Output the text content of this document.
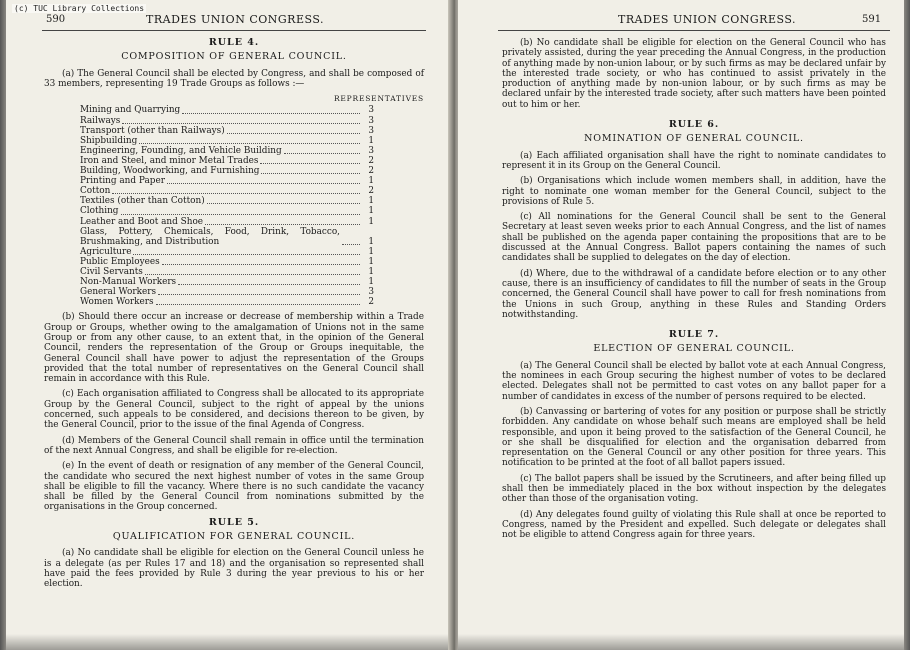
(c) TUC Library Collections
590	TRADES UNION CONGRESS.
RULE 4.
COMPOSITION OF GENERAL COUNCIL.

(a) The General Council shall be elected by Congress, and shall be composed of 33 members, representing 19 Trade Groups as follows :—

REPRESENTATIVES
Mining and Quarrying	3
Railways	3
Transport (other than Railways)	3
Shipbuilding	1
Engineering, Founding, and Vehicle Building	3
Iron and Steel, and minor Metal Trades	2
Building, Woodworking, and Furnishing	2
Printing and Paper	1
Cotton	2
Textiles (other than Cotton)	1
Clothing	1
Leather and Boot and Shoe	1
Glass, Pottery, Chemicals, Food, Drink, Tobacco, Brushmaking, and Distribution	1
Agriculture	1
Public Employees	1
Civil Servants	1
Non-Manual Workers	1
General Workers	3
Women Workers	2

(b) Should there occur an increase or decrease of membership within a Trade Group or Groups, whether owing to the amalgamation of Unions not in the same Group or from any other cause, to an extent that, in the opinion of the General Council, renders the representation of the Group or Groups inequitable, the General Council shall have power to adjust the representation of the Groups provided that the total number of representatives on the General Council shall remain in accordance with this Rule.

(c) Each organisation affiliated to Congress shall be allocated to its appropriate Group by the General Council, subject to the right of appeal by the unions concerned, such appeals to be considered, and decisions thereon to be given, by the General Council, prior to the issue of the final Agenda of Congress.

(d) Members of the General Council shall remain in office until the termination of the next Annual Congress, and shall be eligible for re-election.

(e) In the event of death or resignation of any member of the General Council, the candidate who secured the next highest number of votes in the same Group shall be eligible to fill the vacancy. Where there is no such candidate the vacancy shall be filled by the General Council from nominations submitted by the organisations in the Group concerned.

RULE 5.
QUALIFICATION FOR GENERAL COUNCIL.

(a) No candidate shall be eligible for election on the General Council unless he is a delegate (as per Rules 17 and 18) and the organisation so represented shall have paid the fees provided by Rule 3 during the year previous to his or her election.

TRADES UNION CONGRESS.	591

(b) No candidate shall be eligible for election on the General Council who has privately assisted, during the year preceding the Annual Congress, in the production of anything made by non-union labour, or by such firms as may be declared unfair by the interested trade society, or who has continued to assist privately in the production of anything made by non-union labour, or by such firms as may be declared unfair by the interested trade society, after such matters have been pointed out to him or her.

RULE 6.
NOMINATION OF GENERAL COUNCIL.

(a) Each affiliated organisation shall have the right to nominate candidates to represent it in its Group on the General Council.

(b) Organisations which include women members shall, in addition, have the right to nominate one woman member for the General Council, subject to the provisions of Rule 5.

(c) All nominations for the General Council shall be sent to the General Secretary at least seven weeks prior to each Annual Congress, and the list of names shall be published on the agenda paper containing the propositions that are to be discussed at the Annual Congress. Ballot papers containing the names of such candidates shall be supplied to delegates on the day of election.

(d) Where, due to the withdrawal of a candidate before election or to any other cause, there is an insufficiency of candidates to fill the number of seats in the Group concerned, the General Council shall have power to call for fresh nominations from the Unions in such Group, anything in these Rules and Standing Orders notwithstanding.

RULE 7.
ELECTION OF GENERAL COUNCIL.

(a) The General Council shall be elected by ballot vote at each Annual Congress, the nominees in each Group securing the highest number of votes to be declared elected. Delegates shall not be permitted to cast votes on any ballot paper for a number of candidates in excess of the number of persons required to be elected.

(b) Canvassing or bartering of votes for any position or purpose shall be strictly forbidden. Any candidate on whose behalf such means are employed shall be held responsible, and upon it being proved to the satisfaction of the General Council, he or she shall be disqualified for election and the organisation debarred from representation on the General Council or any other position for three years. This notification to be printed at the foot of all ballot papers issued.

(c) The ballot papers shall be issued by the Scrutineers, and after being filled up shall then be immediately placed in the box without inspection by the delegates other than those of the organisation voting.

(d) Any delegates found guilty of violating this Rule shall at once be reported to Congress, named by the President and expelled. Such delegate or delegates shall not be eligible to attend Congress again for three years.
